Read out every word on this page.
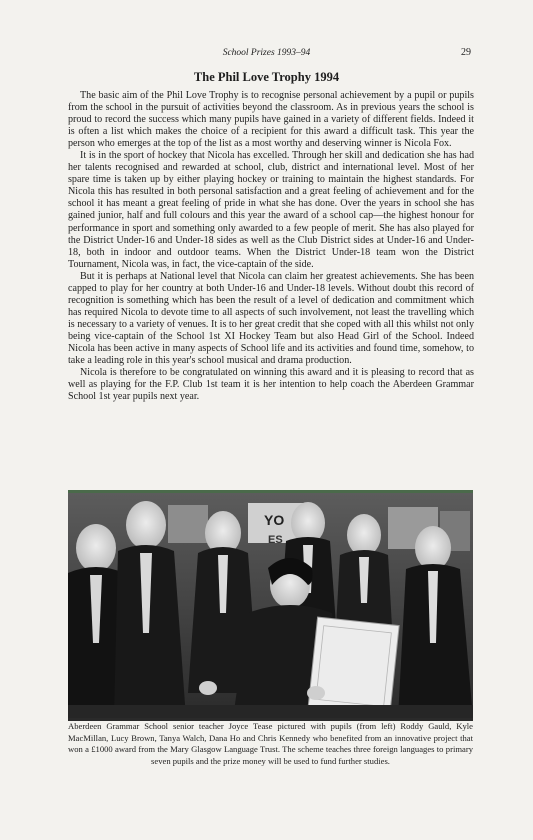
School Prizes 1993–94	29
The Phil Love Trophy 1994

The basic aim of the Phil Love Trophy is to recognise personal achievement by a pupil or pupils from the school in the pursuit of activities beyond the classroom. As in previous years the school is proud to record the success which many pupils have gained in a variety of different fields. Indeed it is often a list which makes the choice of a recipient for this award a difficult task. This year the person who emerges at the top of the list as a most worthy and deserving winner is Nicola Fox.

It is in the sport of hockey that Nicola has excelled. Through her skill and dedication she has had her talents recognised and rewarded at school, club, district and international level. Most of her spare time is taken up by either playing hockey or training to maintain the highest standards. For Nicola this has resulted in both personal satisfaction and a great feeling of achievement and for the school it has meant a great feeling of pride in what she has done. Over the years in school she has gained junior, half and full colours and this year the award of a school cap—the highest honour for performance in sport and something only awarded to a few people of merit. She has also played for the District Under-16 and Under-18 sides as well as the Club District sides at Under-16 and Under-18, both in indoor and outdoor teams. When the District Under-18 team won the District Tournament, Nicola was, in fact, the vice-captain of the side.

But it is perhaps at National level that Nicola can claim her greatest achievements. She has been capped to play for her country at both Under-16 and Under-18 levels. Without doubt this record of recognition is something which has been the result of a level of dedication and commitment which has required Nicola to devote time to all aspects of such involvement, not least the travelling which is necessary to a variety of venues. It is to her great credit that she coped with all this whilst not only being vice-captain of the School 1st XI Hockey Team but also Head Girl of the School. Indeed Nicola has been active in many aspects of School life and its activities and found time, somehow, to take a leading role in this year's school musical and drama production.

Nicola is therefore to be congratulated on winning this award and it is pleasing to record that as well as playing for the F.P. Club 1st team it is her intention to help coach the Aberdeen Grammar School 1st year pupils next year.

YO
ES
Aberdeen Grammar School senior teacher Joyce Tease pictured with pupils (from left) Roddy Gauld, Kyle MacMillan, Lucy Brown, Tanya Walch, Dana Ho and Chris Kennedy who benefited from an innovative project that won a £1000 award from the Mary Glasgow Language Trust. The scheme teaches three foreign languages to primary seven pupils and the prize money will be used to fund further studies.
